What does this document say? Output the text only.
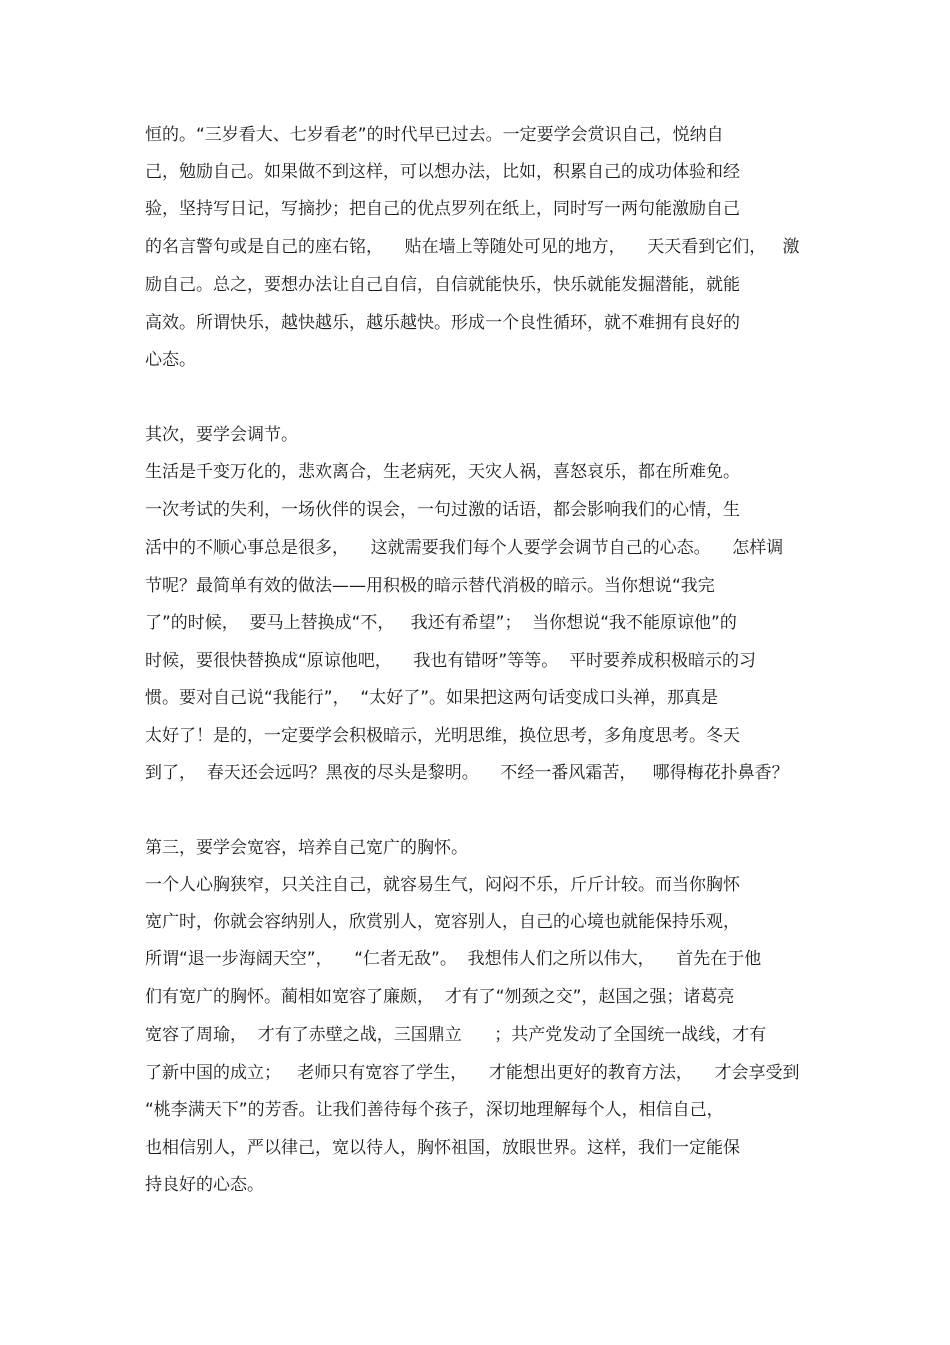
恒的。“三岁看大、七岁看老”的时代早已过去。一定要学会赏识自己，悦纳自
己，勉励自己。如果做不到这样，可以想办法，比如，积累自己的成功体验和经
验，坚持写日记，写摘抄；把自己的优点罗列在纸上，同时写一两句能激励自己
的名言警句或是自己的座右铭，    贴在墙上等随处可见的地方，    天天看到它们，   激
励自己。总之，要想办法让自己自信，自信就能快乐，快乐就能发掘潜能，就能
高效。所谓快乐，越快越乐，越乐越快。形成一个良性循环，就不难拥有良好的
心态。
其次，要学会调节。
生活是千变万化的，悲欢离合，生老病死，天灾人祸，喜怒哀乐，都在所难免。
一次考试的失利，一场伙伴的误会，一句过激的话语，都会影响我们的心情，生
活中的不顺心事总是很多，    这就需要我们每个人要学会调节自己的心态。    怎样调
节呢？最简单有效的做法——用积极的暗示替代消极的暗示。当你想说“我完
了”的时候，  要马上替换成“不，   我还有希望”；  当你想说“我不能原谅他”的
时候，要很快替换成“原谅他吧，    我也有错呀”等等。  平时要养成积极暗示的习
惯。要对自己说“我能行”，  “太好了”。如果把这两句话变成口头禅，那真是
太好了！是的，一定要学会积极暗示，光明思维，换位思考，多角度思考。冬天
到了，  春天还会远吗？黑夜的尽头是黎明。    不经一番风霜苦，   哪得梅花扑鼻香？
第三，要学会宽容，培养自己宽广的胸怀。
一个人心胸狭窄，只关注自己，就容易生气，闷闷不乐，斤斤计较。而当你胸怀
宽广时，你就会容纳别人，欣赏别人，宽容别人，自己的心境也就能保持乐观，
所谓“退一步海阔天空”，    “仁者无敌”。  我想伟人们之所以伟大，    首先在于他
们有宽广的胸怀。蔺相如宽容了廉颇，  才有了“刎颈之交”，赵国之强；诸葛亮
宽容了周瑜，  才有了赤壁之战，三国鼎立      ；共产党发动了全国统一战线，才有
了新中国的成立；   老师只有宽容了学生，    才能想出更好的教育方法，    才会享受到
“桃李满天下”的芳香。让我们善待每个孩子，深切地理解每个人，相信自己，
也相信别人，严以律己，宽以待人，胸怀祖国，放眼世界。这样，我们一定能保
持良好的心态。
